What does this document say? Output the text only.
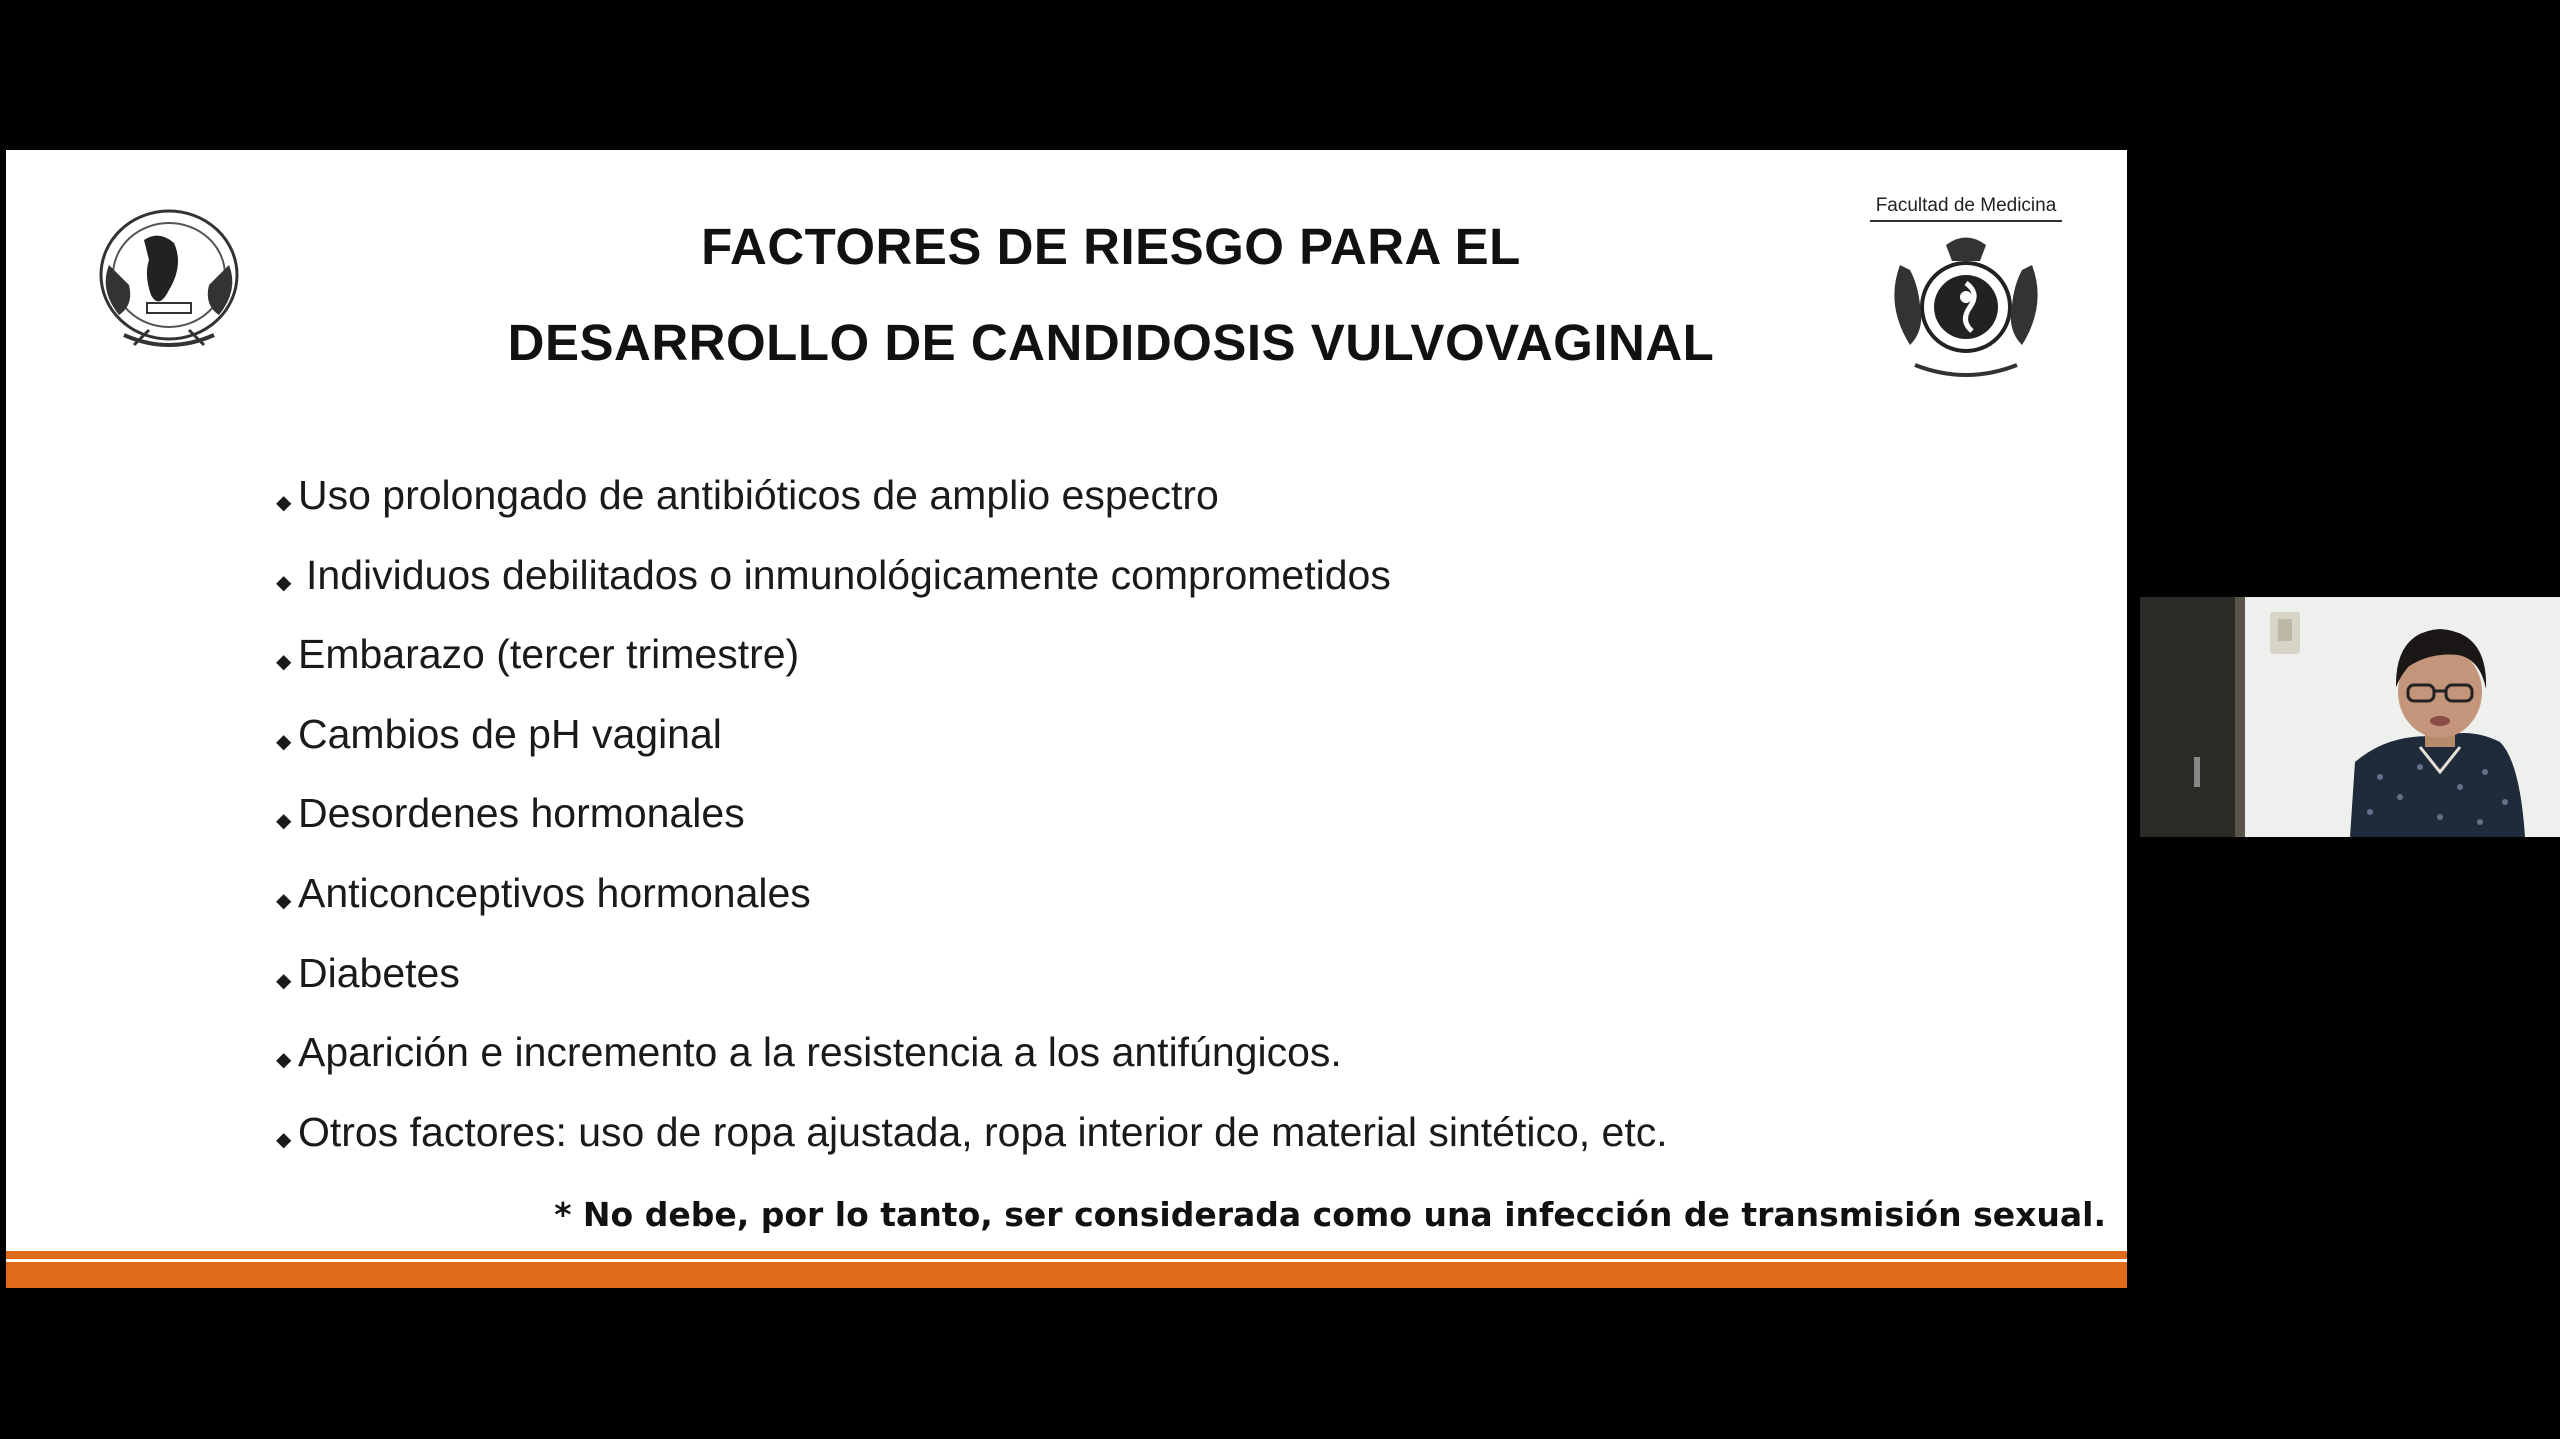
FACTORES DE RIESGO PARA EL
DESARROLLO DE CANDIDOSIS VULVOVAGINAL
Facultad de Medicina
◆ Uso prolongado de antibióticos de amplio espectro
◆ Individuos debilitados o inmunológicamente comprometidos
◆ Embarazo (tercer trimestre)
◆ Cambios de pH vaginal
◆ Desordenes hormonales
◆ Anticonceptivos hormonales
◆ Diabetes
◆ Aparición e incremento a la resistencia a los antifúngicos.
◆ Otros factores: uso de ropa ajustada, ropa interior de material sintético, etc.
* No debe, por lo tanto, ser considerada como una infección de transmisión sexual.
